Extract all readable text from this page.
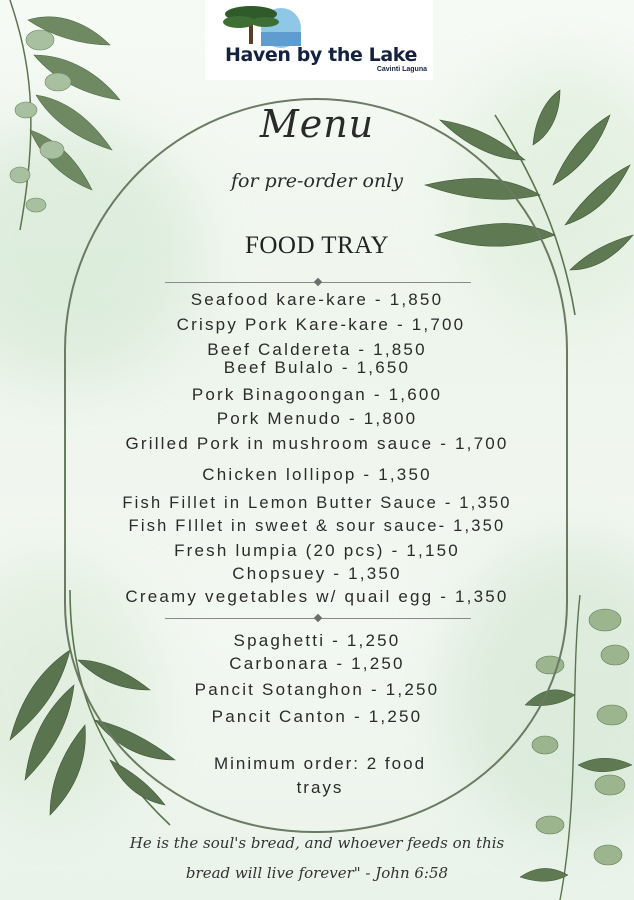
Haven by the Lake
Cavinti Laguna
Menu
for pre-order only
FOOD TRAY
Seafood kare-kare - 1,850
Crispy Pork Kare-kare - 1,700
Beef Caldereta - 1,850
Beef Bulalo - 1,650
Pork Binagoongan - 1,600
Pork Menudo - 1,800
Grilled Pork in mushroom sauce - 1,700
Chicken lollipop - 1,350
Fish Fillet in Lemon Butter Sauce - 1,350
Fish FIllet in sweet & sour sauce- 1,350
Fresh lumpia (20 pcs) - 1,150
Chopsuey - 1,350
Creamy vegetables w/ quail egg - 1,350
Spaghetti - 1,250
Carbonara - 1,250
Pancit Sotanghon - 1,250
Pancit Canton - 1,250
Minimum order: 2 food
trays
He is the soul's bread, and whoever feeds on this
bread will live forever" - John 6:58
